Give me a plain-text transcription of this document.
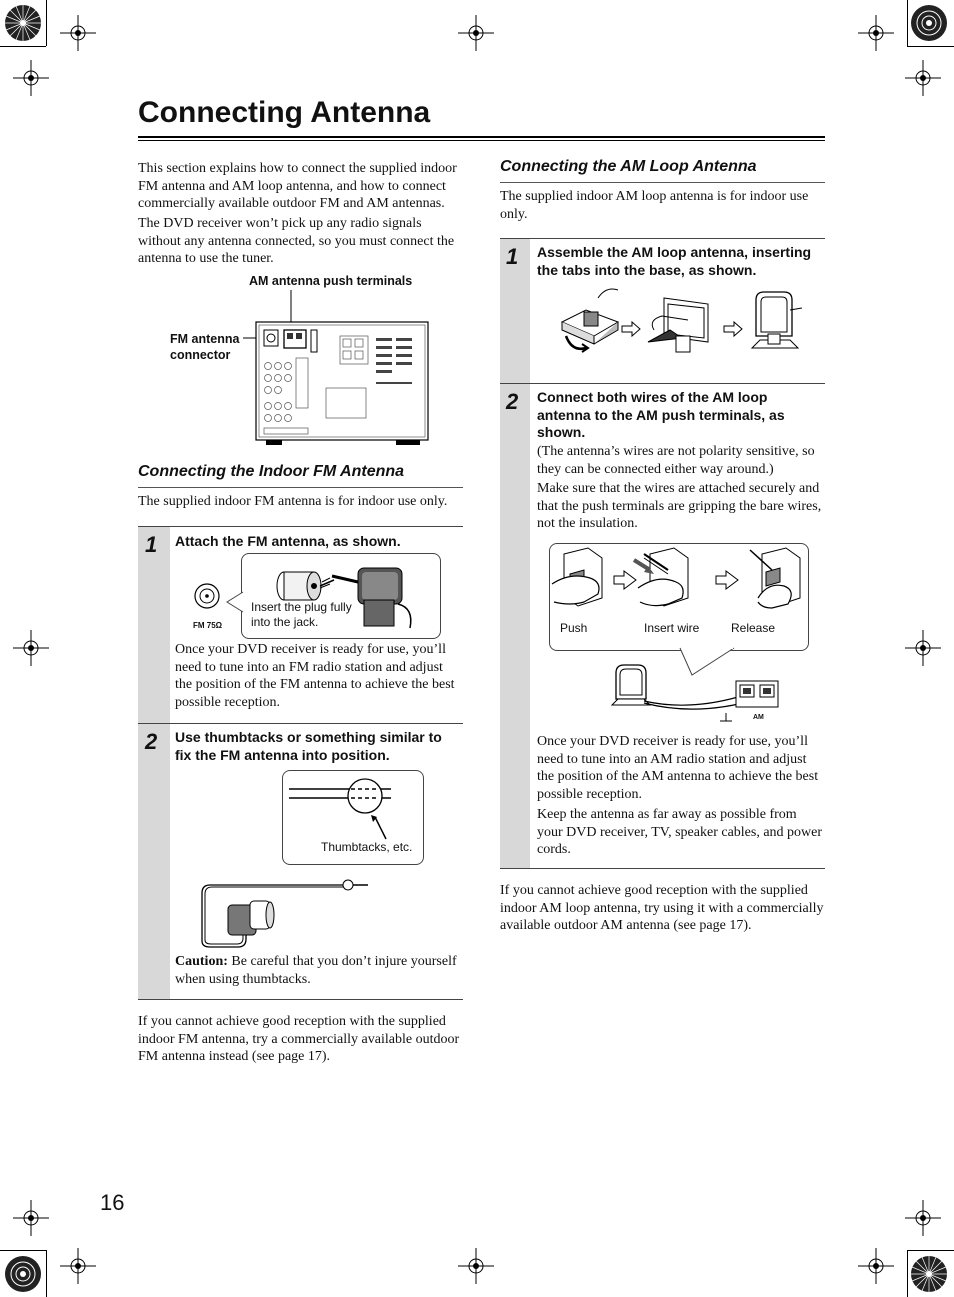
Connecting Antenna
This section explains how to connect the supplied indoor FM antenna and AM loop antenna, and how to connect commercially available outdoor FM and AM antennas.
The DVD receiver won’t pick up any radio signals without any antenna connected, so you must connect the antenna to use the tuner.
AM antenna push terminals
FM antenna
connector
Connecting the Indoor FM Antenna
The supplied indoor FM antenna is for indoor use only.
1 Attach the FM antenna, as shown.
FM 75Ω
Insert the plug fully
into the jack.
Once your DVD receiver is ready for use, you’ll need to tune into an FM radio station and adjust the position of the FM antenna to achieve the best possible reception.
2 Use thumbtacks or something similar to fix the FM antenna into position.
Thumbtacks, etc.
Caution: Be careful that you don’t injure yourself when using thumbtacks.
If you cannot achieve good reception with the supplied indoor FM antenna, try a commercially available outdoor FM antenna instead (see page 17).
Connecting the AM Loop Antenna
The supplied indoor AM loop antenna is for indoor use only.
1 Assemble the AM loop antenna, inserting the tabs into the base, as shown.
2 Connect both wires of the AM loop antenna to the AM push terminals, as shown.
(The antenna’s wires are not polarity sensitive, so they can be connected either way around.)
Make sure that the wires are attached securely and that the push terminals are gripping the bare wires, not the insulation.
Push	Insert wire	Release
AM
Once your DVD receiver is ready for use, you’ll need to tune into an AM radio station and adjust the position of the AM antenna to achieve the best possible reception.
Keep the antenna as far away as possible from your DVD receiver, TV, speaker cables, and power cords.
If you cannot achieve good reception with the supplied indoor AM loop antenna, try using it with a commercially available outdoor AM antenna (see page 17).
16
